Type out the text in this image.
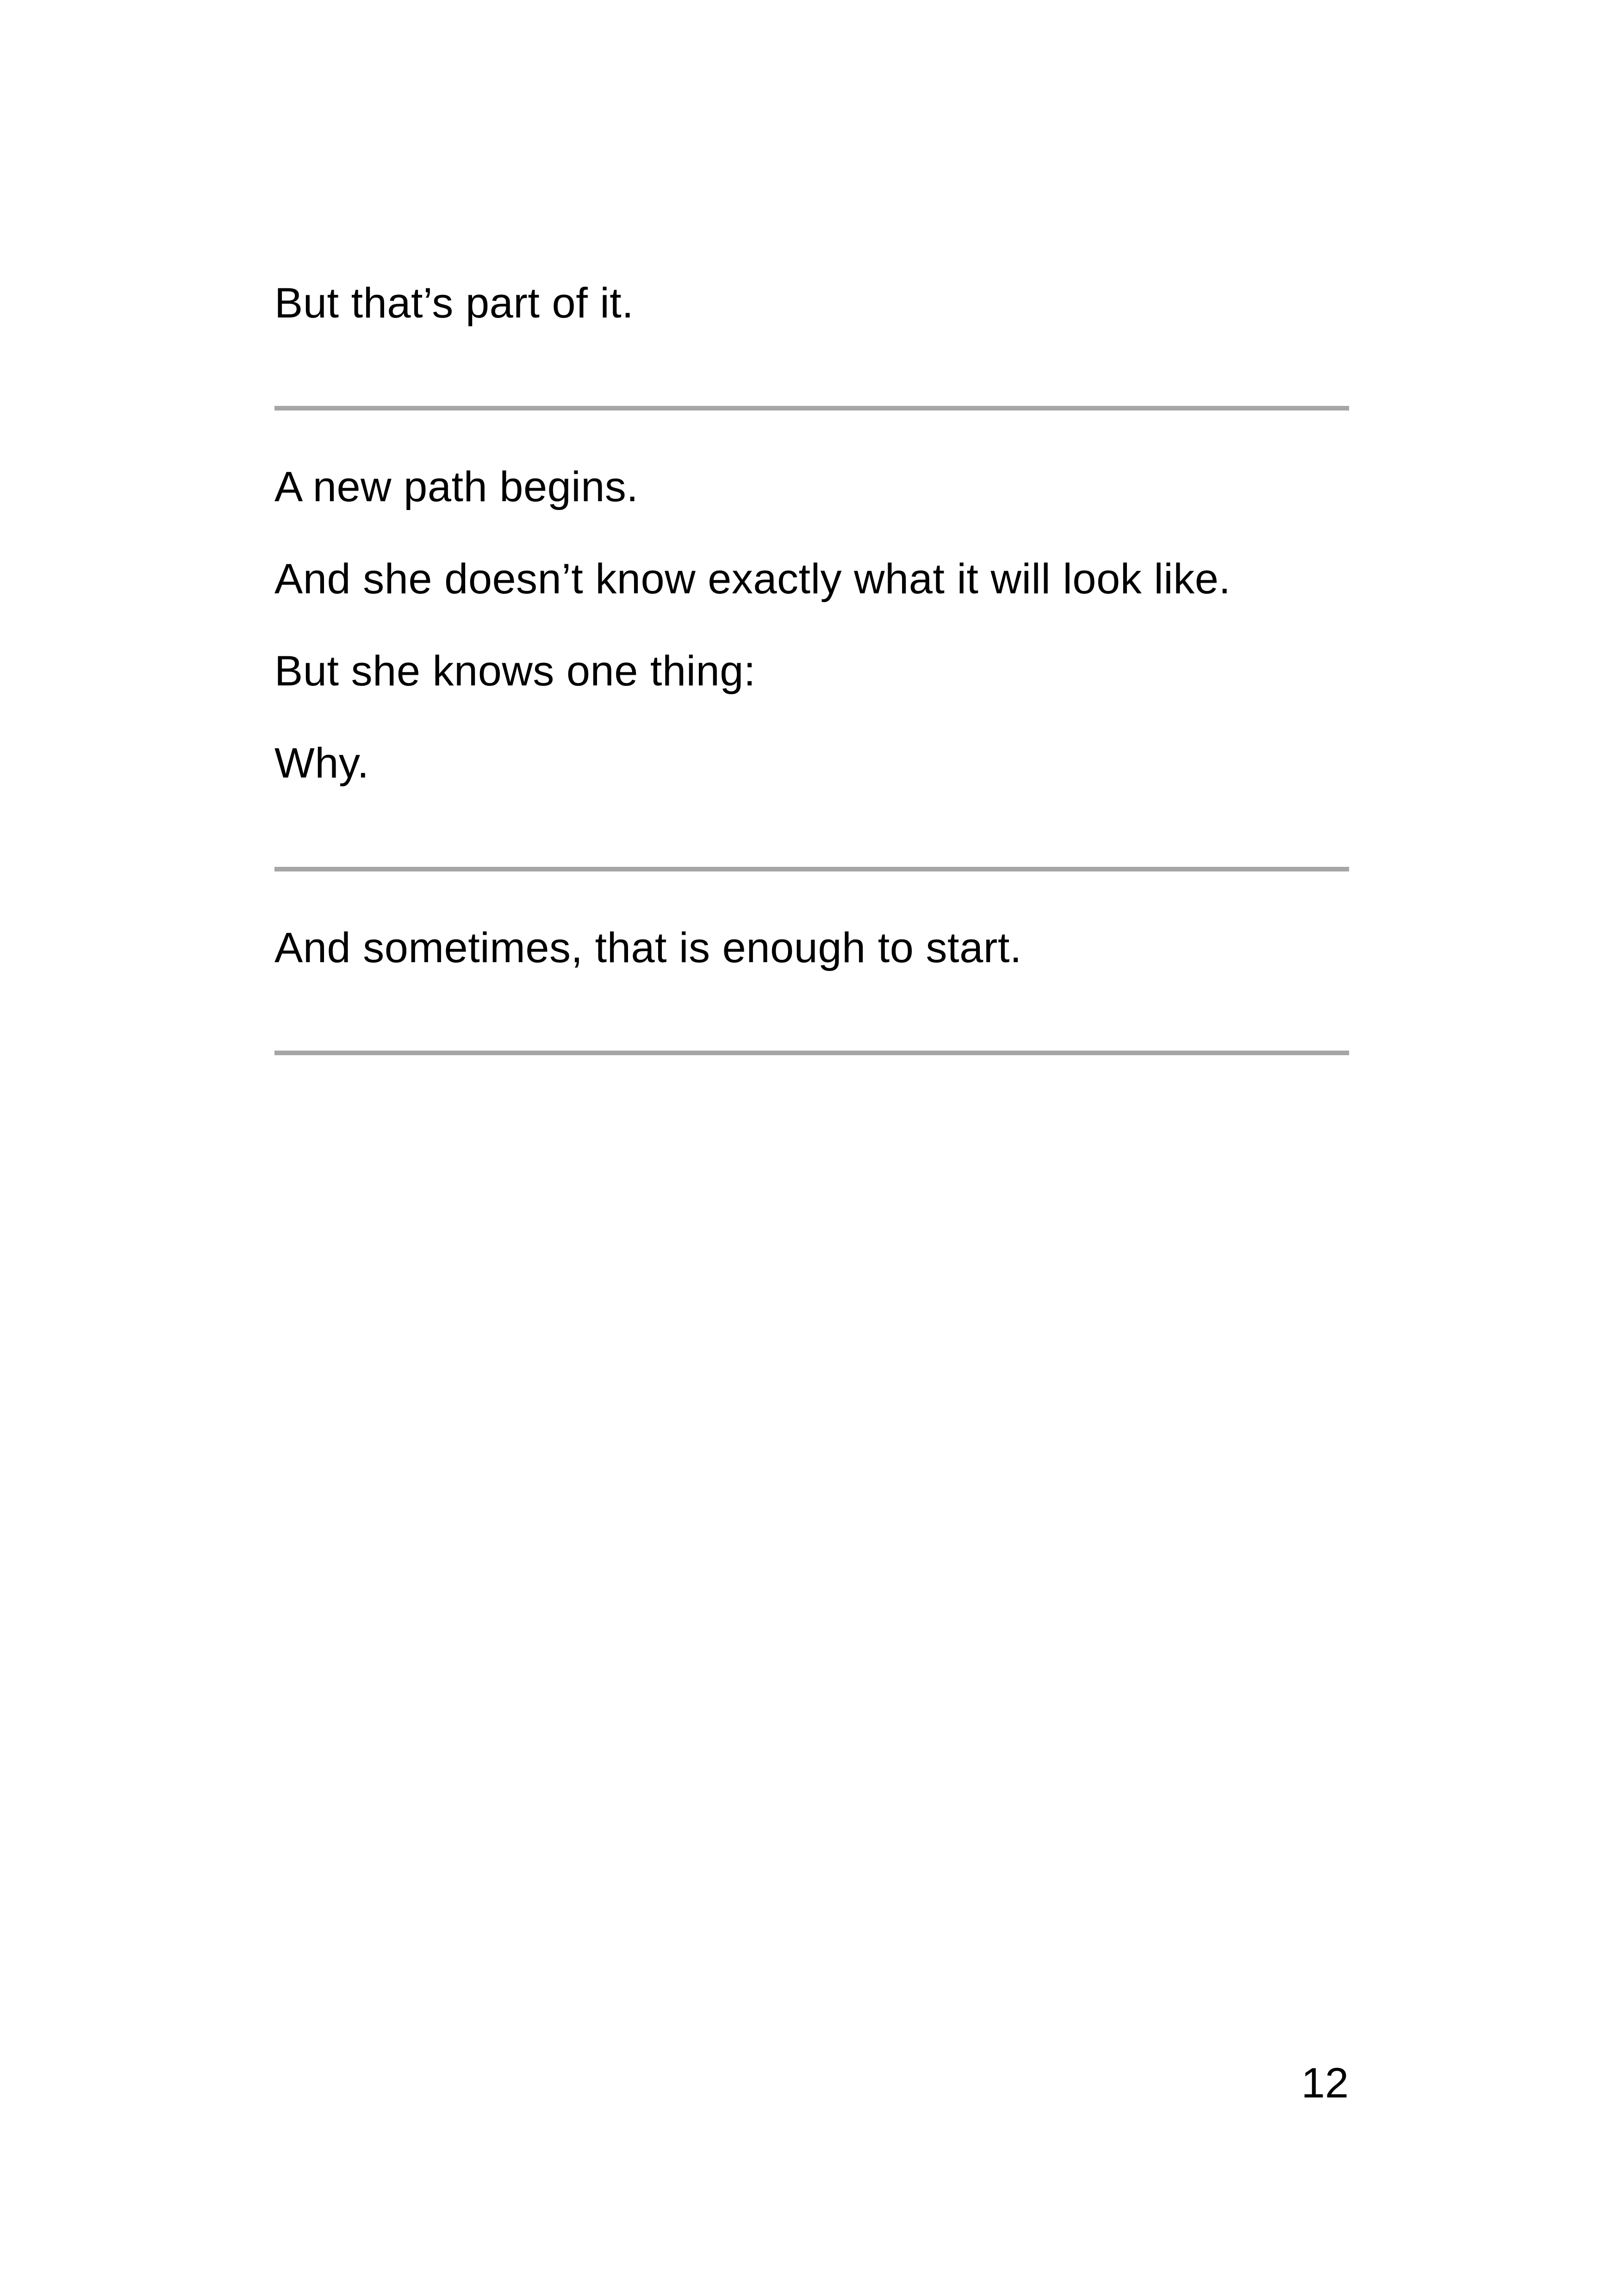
But that’s part of it.

A new path begins.

And she doesn’t know exactly what it will look like.

But she knows one thing:

Why.

And sometimes, that is enough to start.

12
